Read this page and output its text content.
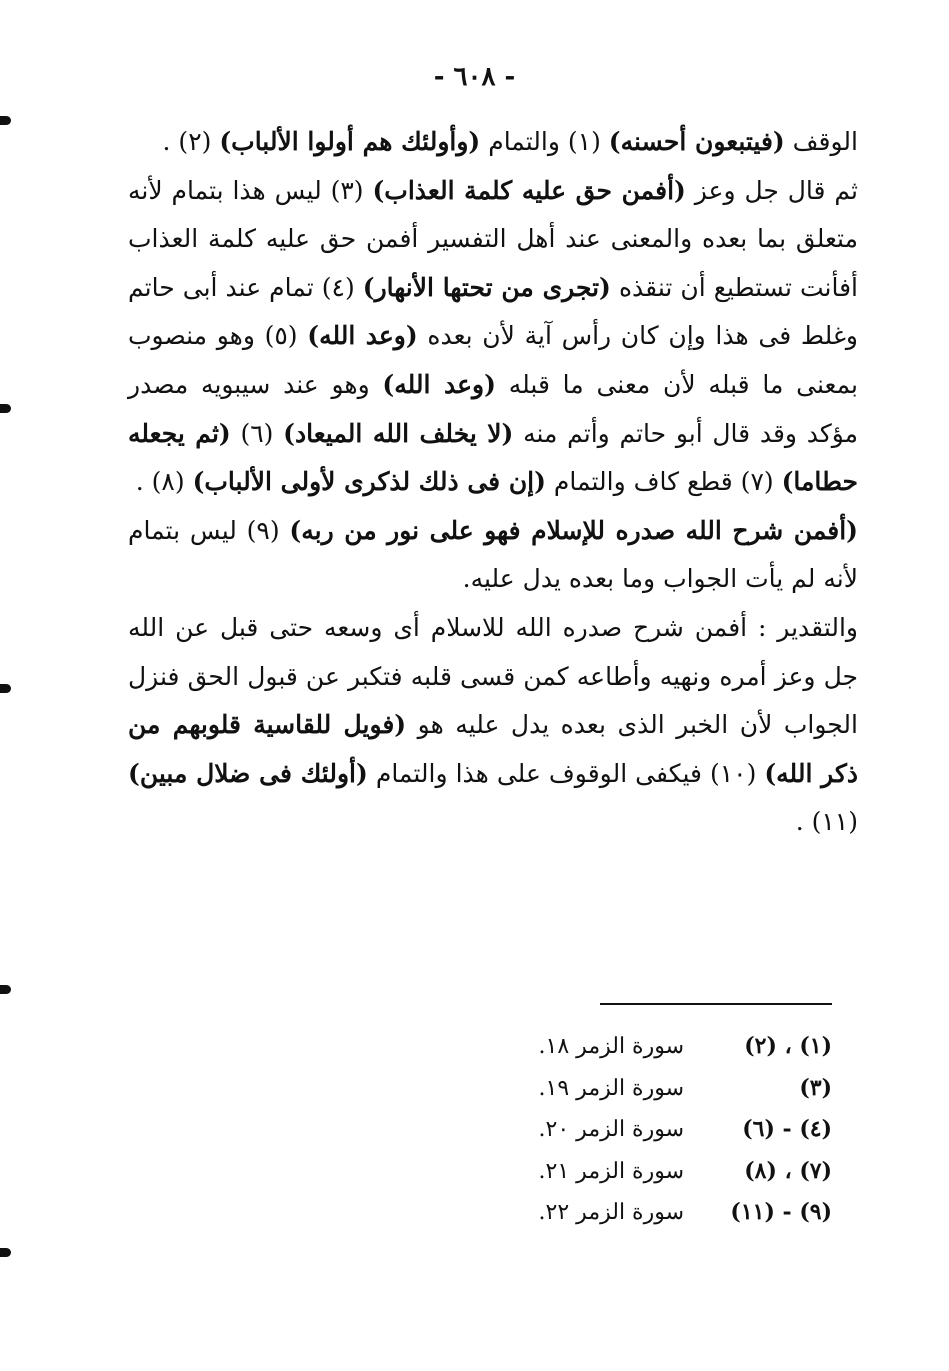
- ٦٠٨ -

الوقف (فيتبعون أحسنه) (١) والتمام (وأولئك هم أولوا الألباب) (٢) .

ثم قال جل وعز (أفمن حق عليه كلمة العذاب) (٣) ليس هذا بتمام لأنه متعلق بما بعده والمعنى عند أهل التفسير أفمن حق عليه كلمة العذاب أفأنت تستطيع أن تنقذه (تجرى من تحتها الأنهار) (٤) تمام عند أبى حاتم وغلط فى هذا وإن كان رأس آية لأن بعده (وعد الله) (٥) وهو منصوب بمعنى ما قبله لأن معنى ما قبله (وعد الله) وهو عند سيبويه مصدر مؤكد وقد قال أبو حاتم وأتم منه (لا يخلف الله الميعاد) (٦) (ثم يجعله حطاما) (٧) قطع كاف والتمام (إن فى ذلك لذكرى لأولى الألباب) (٨) .

(أفمن شرح الله صدره للإسلام فهو على نور من ربه) (٩) ليس بتمام لأنه لم يأت الجواب وما بعده يدل عليه.

والتقدير : أفمن شرح صدره الله للاسلام أى وسعه حتى قبل عن الله جل وعز أمره ونهيه وأطاعه كمن قسى قلبه فتكبر عن قبول الحق فنزل الجواب لأن الخبر الذى بعده يدل عليه هو (فويل للقاسية قلوبهم من ذكر الله) (١٠) فيكفى الوقوف على هذا والتمام (أولئك فى ضلال مبين) (١١) .

(١) ، (٢)
سورة الزمر ١٨.
(٣)
سورة الزمر ١٩.
(٤) - (٦)
سورة الزمر ٢٠.
(٧) ، (٨)
سورة الزمر ٢١.
(٩) - (١١)
سورة الزمر ٢٢.
